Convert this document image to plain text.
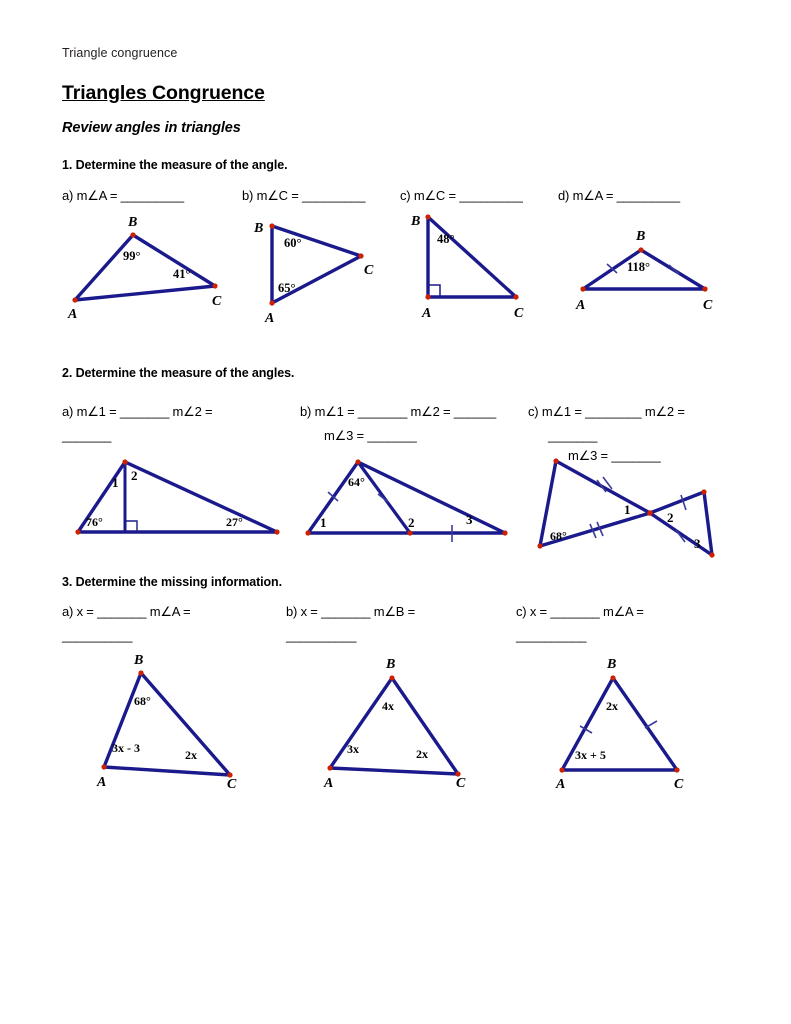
Triangle congruence
Triangles Congruence
Review angles in triangles
1. Determine the measure of the angle.
a) m∠A = _________	b) m∠C = _________	c) m∠C = _________	d) m∠A = _________
B
A
C
99°
41°
B
A
C
60°
65°
B
A	C
48°	B
A	C
118°
2. Determine the measure of the angles.
a) m∠1 = _______ m∠2 =
_______
b) m∠1 = _______ m∠2 = ______
m∠3 = _______
c) m∠1 = ________ m∠2 =
_______
m∠3 = _______
1 2
76°	27°
64°
1	2	3
68°
1
2
3
3. Determine the missing information.
a) x = _______ m∠A =
__________
b) x = _______ m∠B =
__________
c) x = _______ m∠A =
__________
B
A	C
68°
3x - 3	2x
B
A	C
4x
3x	2x
B
A	C
2x
3x + 5
